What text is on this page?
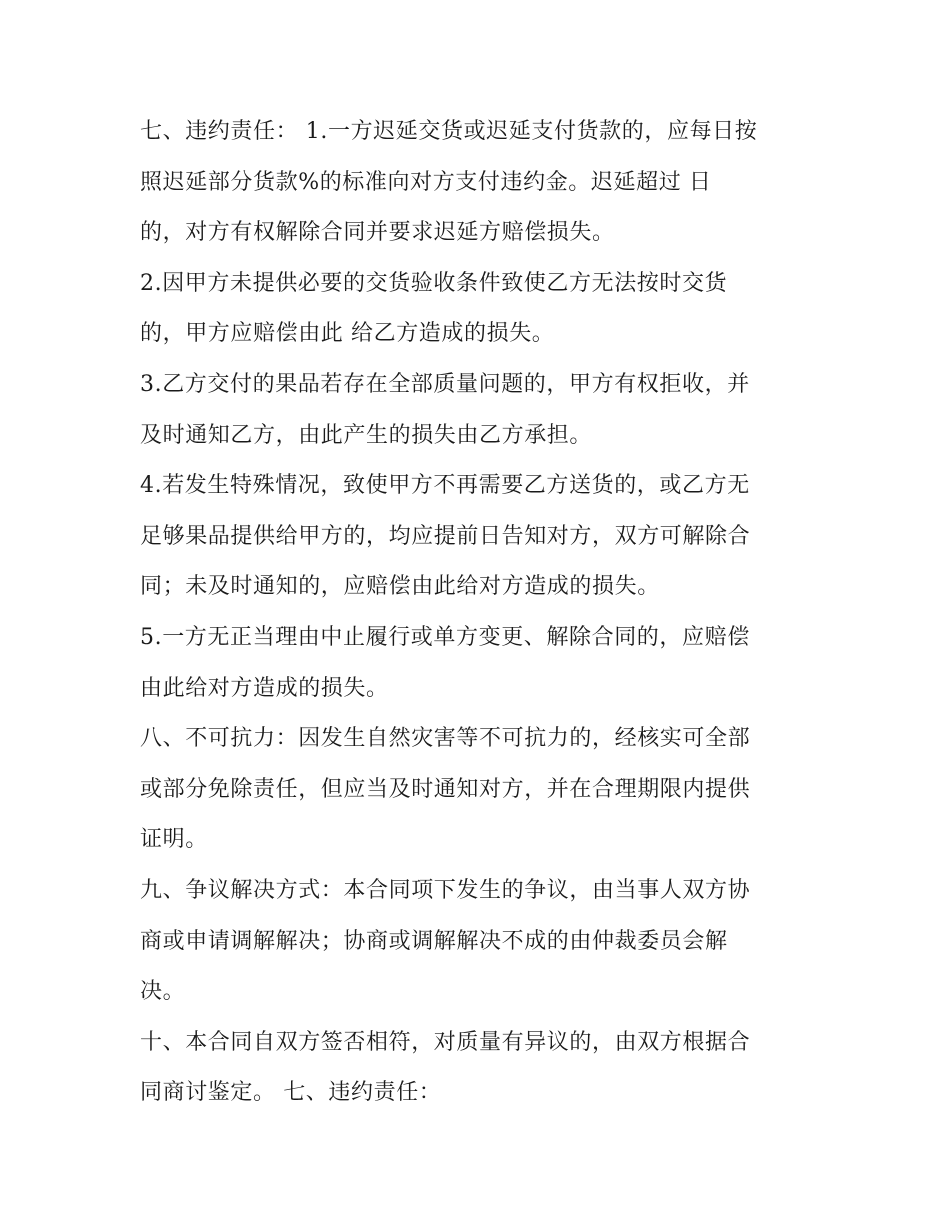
七、违约责任： 1.一方迟延交货或迟延支付货款的，应每日按
照迟延部分货款%的标准向对方支付违约金。迟延超过 日
的，对方有权解除合同并要求迟延方赔偿损失。
2.因甲方未提供必要的交货验收条件致使乙方无法按时交货
的，甲方应赔偿由此 给乙方造成的损失。
3.乙方交付的果品若存在全部质量问题的，甲方有权拒收，并
及时通知乙方，由此产生的损失由乙方承担。
4.若发生特殊情况，致使甲方不再需要乙方送货的，或乙方无
足够果品提供给甲方的，均应提前日告知对方，双方可解除合
同；未及时通知的，应赔偿由此给对方造成的损失。
5.一方无正当理由中止履行或单方变更、解除合同的，应赔偿
由此给对方造成的损失。
八、不可抗力：因发生自然灾害等不可抗力的，经核实可全部
或部分免除责任，但应当及时通知对方，并在合理期限内提供
证明。
九、争议解决方式：本合同项下发生的争议，由当事人双方协
商或申请调解解决；协商或调解解决不成的由仲裁委员会解
决。
十、本合同自双方签否相符，对质量有异议的，由双方根据合
同商讨鉴定。 七、违约责任：
